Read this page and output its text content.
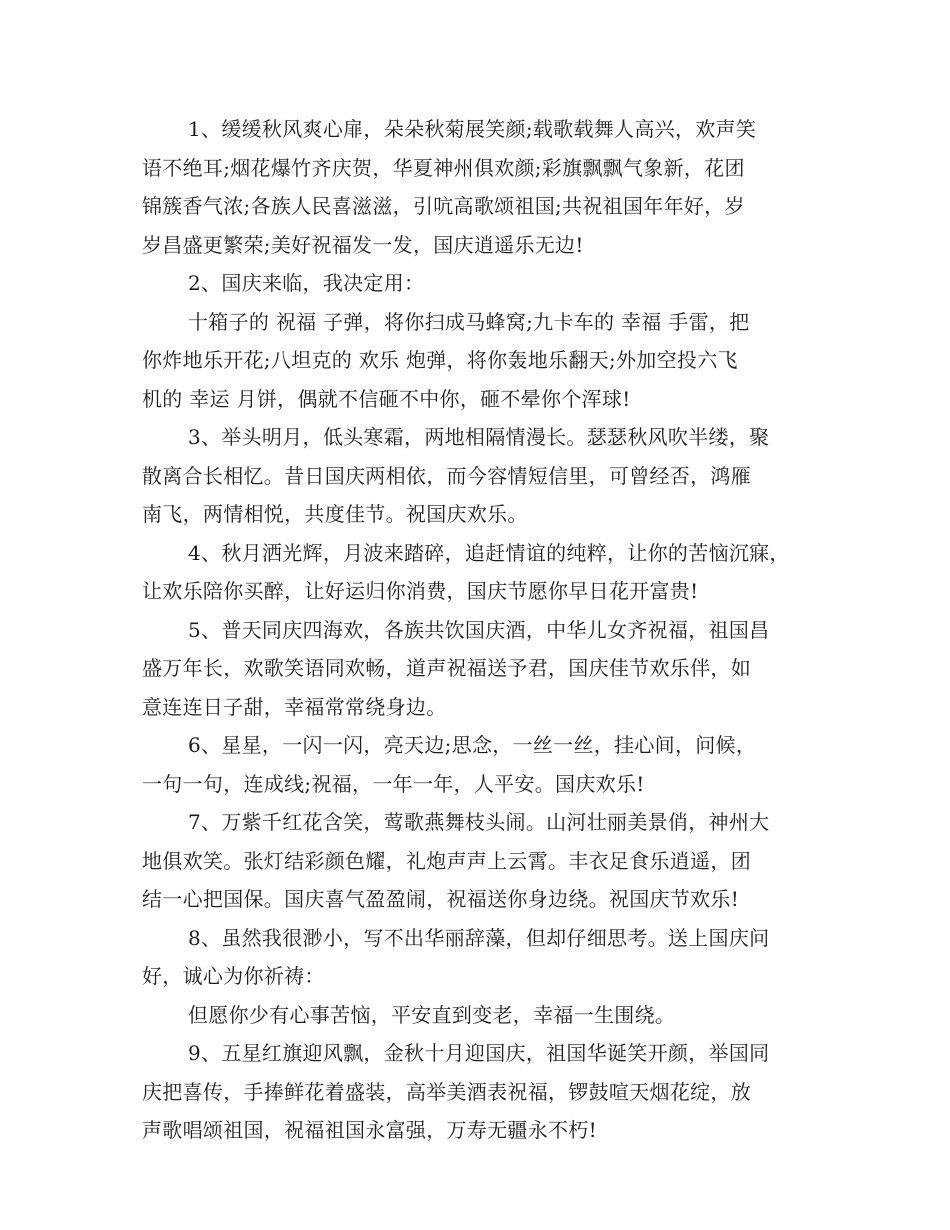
1、缓缓秋风爽心扉，朵朵秋菊展笑颜;载歌载舞人高兴，欢声笑
语不绝耳;烟花爆竹齐庆贺，华夏神州俱欢颜;彩旗飘飘气象新，花团
锦簇香气浓;各族人民喜滋滋，引吭高歌颂祖国;共祝祖国年年好，岁
岁昌盛更繁荣;美好祝福发一发，国庆逍遥乐无边!
2、国庆来临，我决定用：
十箱子的 祝福 子弹，将你扫成马蜂窝;九卡车的 幸福 手雷，把
你炸地乐开花;八坦克的 欢乐 炮弹，将你轰地乐翻天;外加空投六飞
机的 幸运 月饼，偶就不信砸不中你，砸不晕你个浑球!
3、举头明月，低头寒霜，两地相隔情漫长。瑟瑟秋风吹半缕，聚
散离合长相忆。昔日国庆两相依，而今容情短信里，可曾经否，鸿雁
南飞，两情相悦，共度佳节。祝国庆欢乐。
4、秋月洒光辉，月波来踏碎，追赶情谊的纯粹，让你的苦恼沉寐，
让欢乐陪你买醉，让好运归你消费，国庆节愿你早日花开富贵!
5、普天同庆四海欢，各族共饮国庆酒，中华儿女齐祝福，祖国昌
盛万年长，欢歌笑语同欢畅，道声祝福送予君，国庆佳节欢乐伴，如
意连连日子甜，幸福常常绕身边。
6、星星，一闪一闪，亮天边;思念，一丝一丝，挂心间，问候，
一句一句，连成线;祝福，一年一年，人平安。国庆欢乐!
7、万紫千红花含笑，莺歌燕舞枝头闹。山河壮丽美景俏，神州大
地俱欢笑。张灯结彩颜色耀，礼炮声声上云霄。丰衣足食乐逍遥，团
结一心把国保。国庆喜气盈盈闹，祝福送你身边绕。祝国庆节欢乐!
8、虽然我很渺小，写不出华丽辞藻，但却仔细思考。送上国庆问
好，诚心为你祈祷：
但愿你少有心事苦恼，平安直到变老，幸福一生围绕。
9、五星红旗迎风飘，金秋十月迎国庆，祖国华诞笑开颜，举国同
庆把喜传，手捧鲜花着盛装，高举美酒表祝福，锣鼓喧天烟花绽，放
声歌唱颂祖国，祝福祖国永富强，万寿无疆永不朽!
